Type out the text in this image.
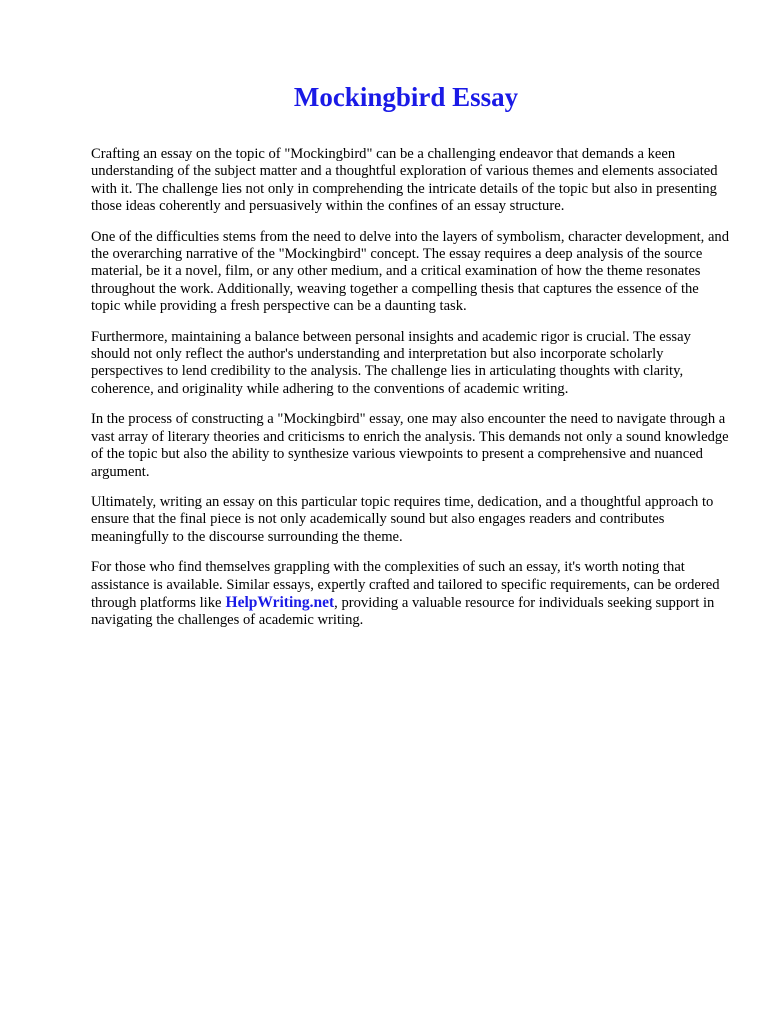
Mockingbird Essay

Crafting an essay on the topic of "Mockingbird" can be a challenging endeavor that demands a keen understanding of the subject matter and a thoughtful exploration of various themes and elements associated with it. The challenge lies not only in comprehending the intricate details of the topic but also in presenting those ideas coherently and persuasively within the confines of an essay structure.

One of the difficulties stems from the need to delve into the layers of symbolism, character development, and the overarching narrative of the "Mockingbird" concept. The essay requires a deep analysis of the source material, be it a novel, film, or any other medium, and a critical examination of how the theme resonates throughout the work. Additionally, weaving together a compelling thesis that captures the essence of the topic while providing a fresh perspective can be a daunting task.

Furthermore, maintaining a balance between personal insights and academic rigor is crucial. The essay should not only reflect the author's understanding and interpretation but also incorporate scholarly perspectives to lend credibility to the analysis. The challenge lies in articulating thoughts with clarity, coherence, and originality while adhering to the conventions of academic writing.

In the process of constructing a "Mockingbird" essay, one may also encounter the need to navigate through a vast array of literary theories and criticisms to enrich the analysis. This demands not only a sound knowledge of the topic but also the ability to synthesize various viewpoints to present a comprehensive and nuanced argument.

Ultimately, writing an essay on this particular topic requires time, dedication, and a thoughtful approach to ensure that the final piece is not only academically sound but also engages readers and contributes meaningfully to the discourse surrounding the theme.

For those who find themselves grappling with the complexities of such an essay, it's worth noting that assistance is available. Similar essays, expertly crafted and tailored to specific requirements, can be ordered through platforms like HelpWriting.net, providing a valuable resource for individuals seeking support in navigating the challenges of academic writing.
